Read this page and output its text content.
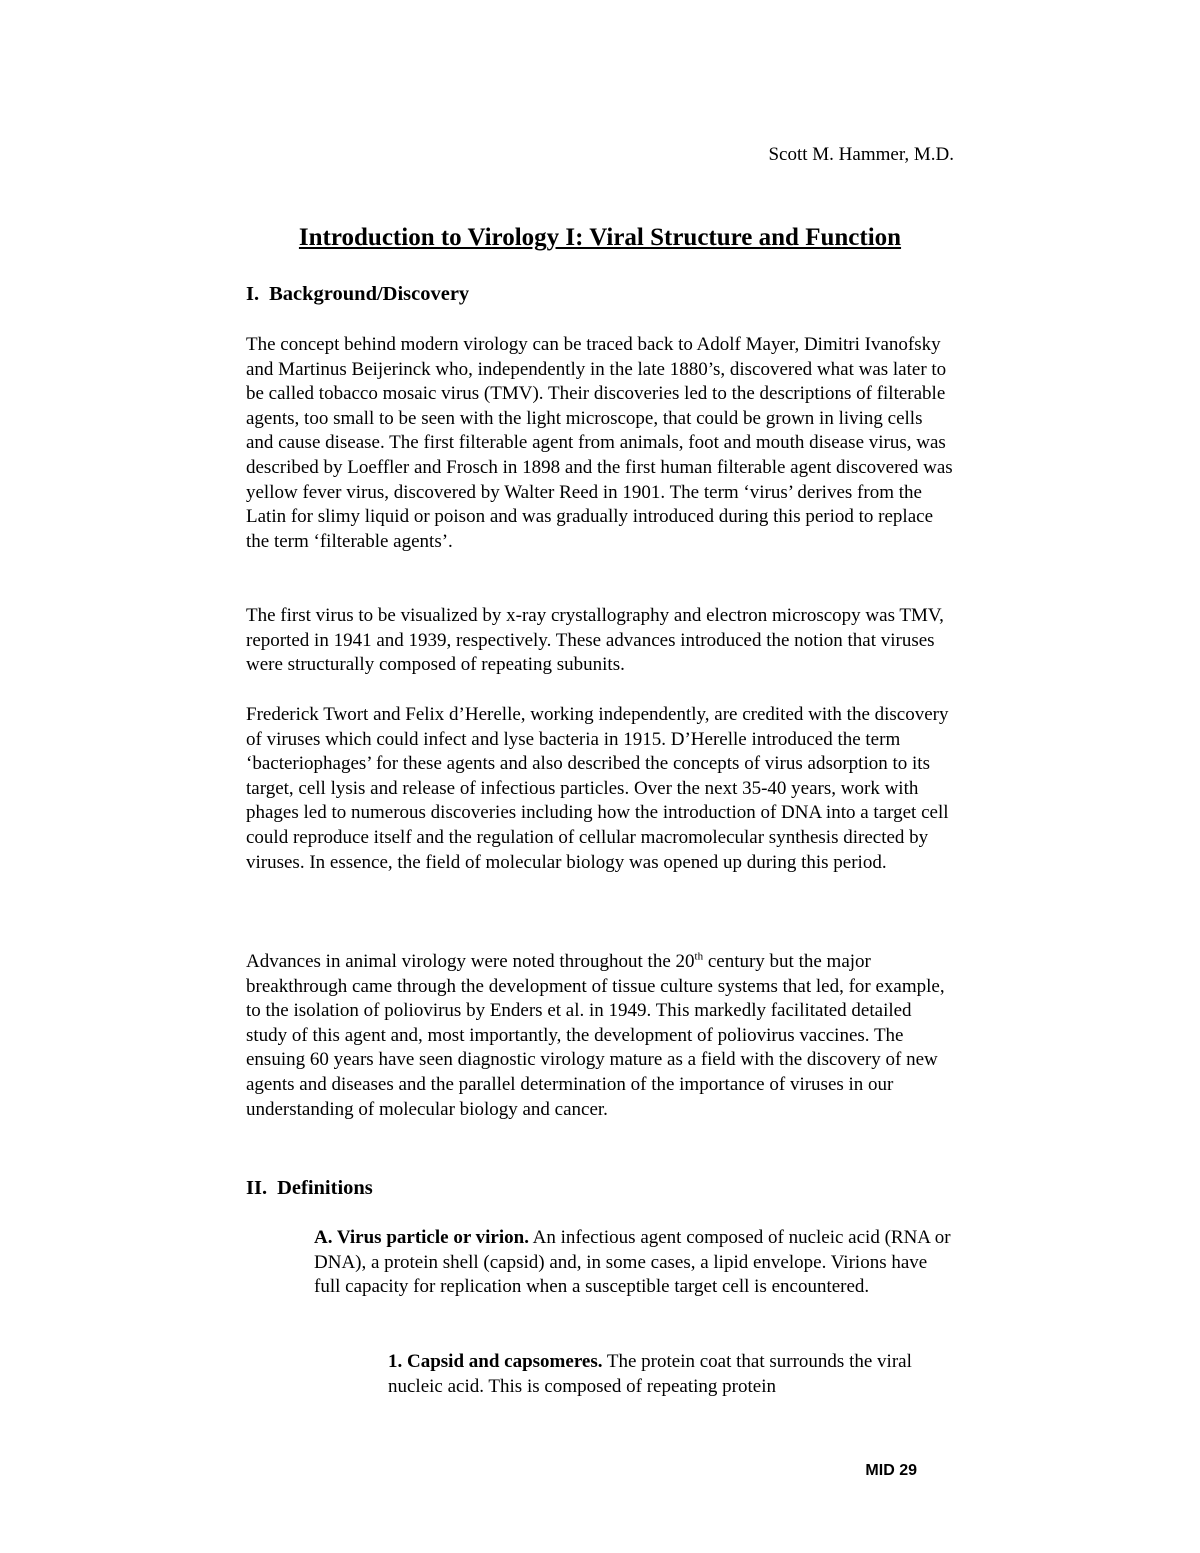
Scott M. Hammer, M.D.
Introduction to Virology I: Viral Structure and Function
I. Background/Discovery

The concept behind modern virology can be traced back to Adolf Mayer, Dimitri Ivanofsky and Martinus Beijerinck who, independently in the late 1880’s, discovered what was later to be called tobacco mosaic virus (TMV). Their discoveries led to the descriptions of filterable agents, too small to be seen with the light microscope, that could be grown in living cells and cause disease. The first filterable agent from animals, foot and mouth disease virus, was described by Loeffler and Frosch in 1898 and the first human filterable agent discovered was yellow fever virus, discovered by Walter Reed in 1901. The term ‘virus’ derives from the Latin for slimy liquid or poison and was gradually introduced during this period to replace the term ‘filterable agents’.

The first virus to be visualized by x-ray crystallography and electron microscopy was TMV, reported in 1941 and 1939, respectively. These advances introduced the notion that viruses were structurally composed of repeating subunits.

Frederick Twort and Felix d’Herelle, working independently, are credited with the discovery of viruses which could infect and lyse bacteria in 1915. D’Herelle introduced the term ‘bacteriophages’ for these agents and also described the concepts of virus adsorption to its target, cell lysis and release of infectious particles. Over the next 35-40 years, work with phages led to numerous discoveries including how the introduction of DNA into a target cell could reproduce itself and the regulation of cellular macromolecular synthesis directed by viruses. In essence, the field of molecular biology was opened up during this period.

Advances in animal virology were noted throughout the 20th century but the major breakthrough came through the development of tissue culture systems that led, for example, to the isolation of poliovirus by Enders et al. in 1949. This markedly facilitated detailed study of this agent and, most importantly, the development of poliovirus vaccines. The ensuing 60 years have seen diagnostic virology mature as a field with the discovery of new agents and diseases and the parallel determination of the importance of viruses in our understanding of molecular biology and cancer.

II. Definitions

A. Virus particle or virion. An infectious agent composed of nucleic acid (RNA or DNA), a protein shell (capsid) and, in some cases, a lipid envelope. Virions have full capacity for replication when a susceptible target cell is encountered.

1. Capsid and capsomeres. The protein coat that surrounds the viral nucleic acid. This is composed of repeating protein

MID 29
